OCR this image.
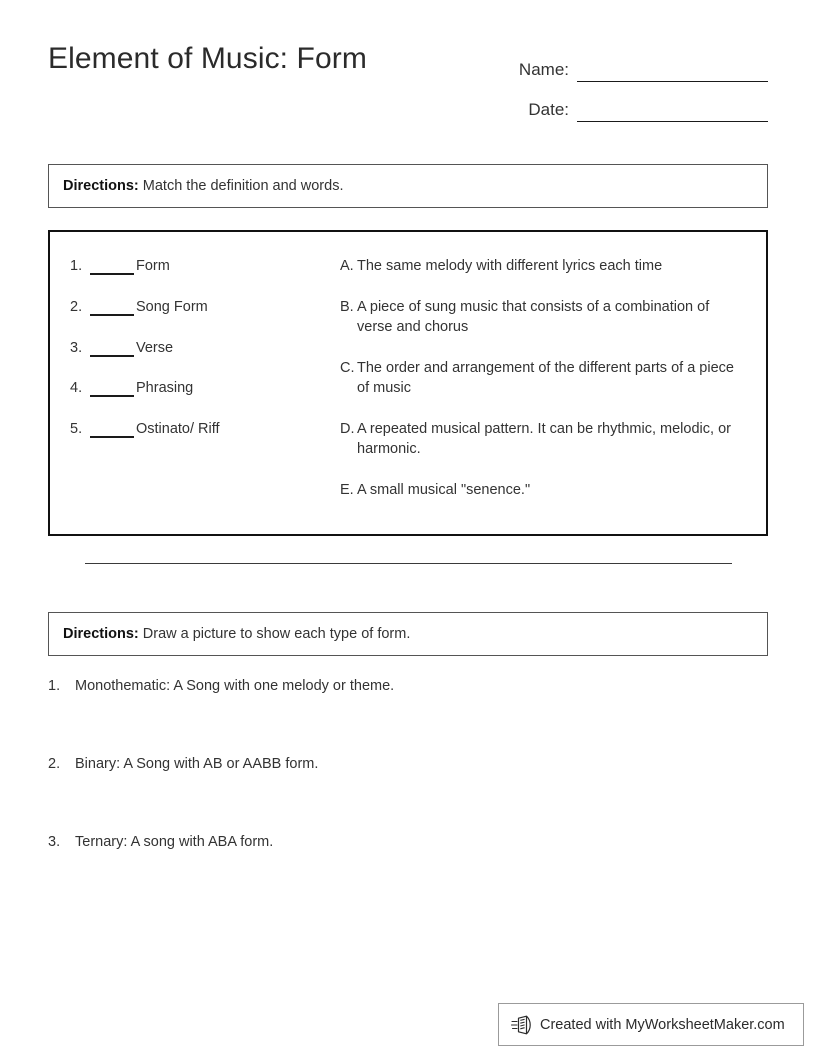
Element of Music: Form	Name:
Date:
Directions: Match the definition and words.
1.	Form
2.	Song Form
3.	Verse
4.	Phrasing
5.	Ostinato/ Riff
A. The same melody with different lyrics each time
B. A piece of sung music that consists of a combination of verse and chorus
C. The order and arrangement of the different parts of a piece of music
D. A repeated musical pattern. It can be rhythmic, melodic, or harmonic.
E. A small musical "senence."
Directions: Draw a picture to show each type of form.
1.	Monothematic: A Song with one melody or theme.
2.	Binary: A Song with AB or AABB form.
3.	Ternary: A song with ABA form.
Created with MyWorksheetMaker.com
